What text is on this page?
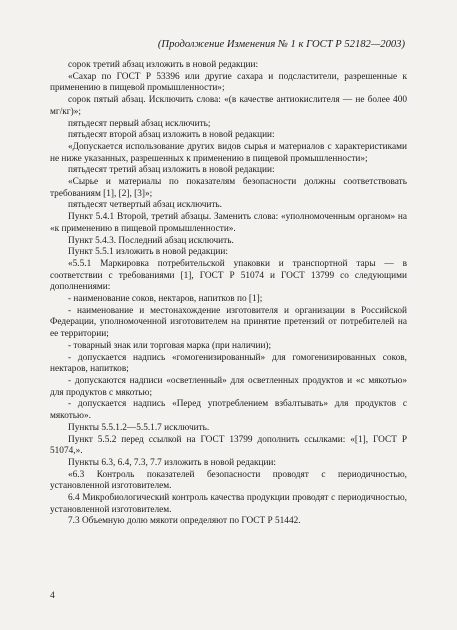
(Продолжение Изменения № 1 к ГОСТ Р 52182—2003)

сорок третий абзац изложить в новой редакции:

«Сахар по ГОСТ Р 53396 или другие сахара и подсластители, разрешенные к применению в пищевой промышленности»;

сорок пятый абзац. Исключить слова: «(в качестве антиокислителя — не более 400 мг/кг)»;

пятьдесят первый абзац исключить;

пятьдесят второй абзац изложить в новой редакции:

«Допускается использование других видов сырья и материалов с характеристиками не ниже указанных, разрешенных к применению в пищевой промышленности»;

пятьдесят третий абзац изложить в новой редакции:

«Сырье и материалы по показателям безопасности должны соответствовать требованиям [1], [2], [3]»;

пятьдесят четвертый абзац исключить.

Пункт 5.4.1 Второй, третий абзацы. Заменить слова: «уполномоченным органом» на «к применению в пищевой промышленности».

Пункт 5.4.3. Последний абзац исключить.

Пункт 5.5.1 изложить в новой редакции:

«5.5.1 Маркировка потребительской упаковки и транспортной тары — в соответствии с требованиями [1], ГОСТ Р 51074 и ГОСТ 13799 со следующими дополнениями:

- наименование соков, нектаров, напитков по [1];

- наименование и местонахождение изготовителя и организации в Российской Федерации, уполномоченной изготовителем на принятие претензий от потребителей на ее территории;

- товарный знак или торговая марка (при наличии);

- допускается надпись «гомогенизированный» для гомогенизированных соков, нектаров, напитков;

- допускаются надписи «осветленный» для осветленных продуктов и «с мякотью» для продуктов с мякотью;

- допускается надпись «Перед употреблением взбалтывать» для продуктов с мякотью».

Пункты 5.5.1.2—5.5.1.7 исключить.

Пункт 5.5.2 перед ссылкой на ГОСТ 13799 дополнить ссылками: «[1], ГОСТ Р 51074,».

Пункты 6.3, 6.4, 7.3, 7.7 изложить в новой редакции:

«6.3 Контроль показателей безопасности проводят с периодичностью, установленной изготовителем.

6.4 Микробиологический контроль качества продукции проводят с периодичностью, установленной изготовителем.

7.3 Объемную долю мякоти определяют по ГОСТ Р 51442.

4
